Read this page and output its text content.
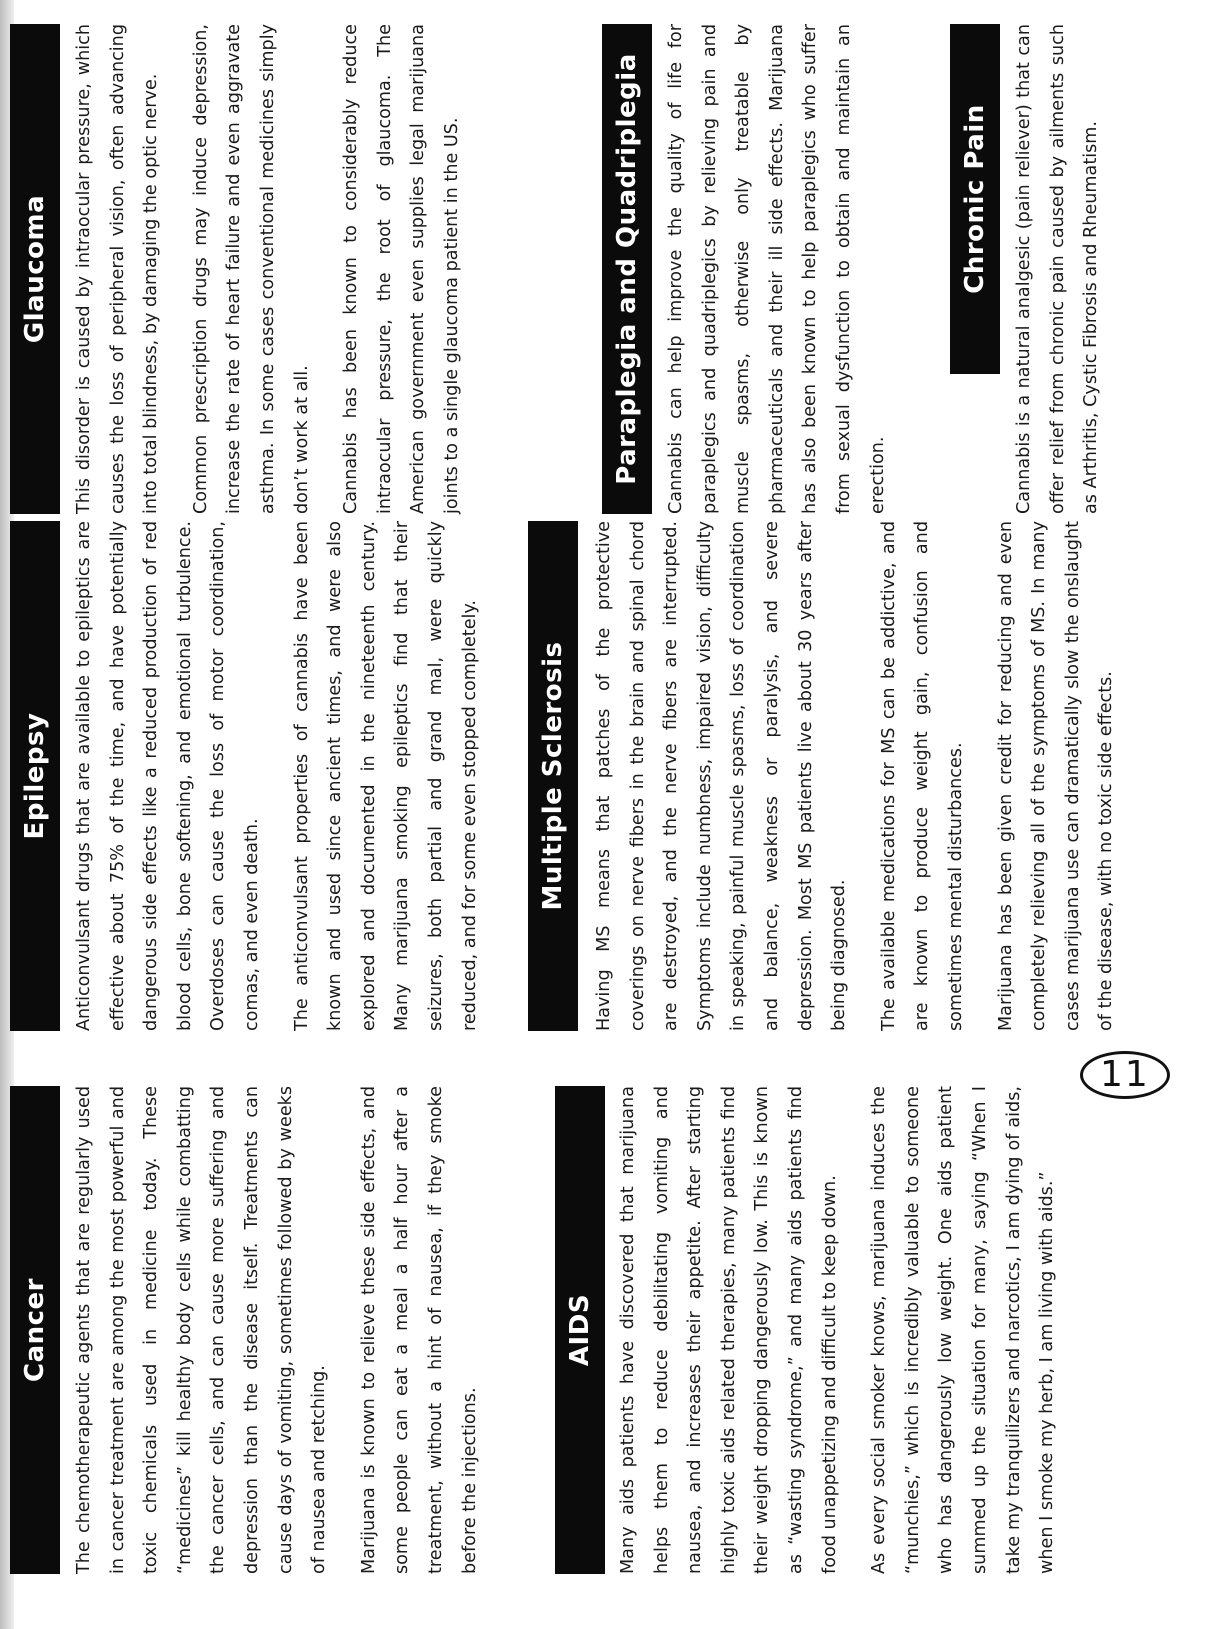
Cancer	The chemotherapeutic agents that are regularly used in cancer treatment are among the most powerful and toxic chemicals used in medicine today. These “medicines” kill healthy body cells while combatting the cancer cells, and can cause more suffering and depression than the disease itself. Treatments can cause days of vomiting, sometimes followed by weeks of nausea and retching.	Marijuana is known to relieve these side effects, and some people can eat a meal a half hour after a treatment, without a hint of nausea, if they smoke before the injections.

AIDS	Many aids patients have discovered that marijuana helps them to reduce debilitating vomiting and nausea, and increases their appetite. After starting highly toxic aids related therapies, many patients find their weight dropping dangerously low. This is known as “wasting syndrome,” and many aids patients find food unappetizing and difficult to keep down.	As every social smoker knows, marijuana induces the “munchies,” which is incredibly valuable to someone who has dangerously low weight. One aids patient summed up the situation for many, saying “When I take my tranquilizers and narcotics, I am dying of aids, when I smoke my herb, I am living with aids.”

Epilepsy	Anticonvulsant drugs that are available to epileptics are effective about 75% of the time, and have potentially dangerous side effects like a reduced production of red blood cells, bone softening, and emotional turbulence. Overdoses can cause the loss of motor coordination, comas, and even death.	The anticonvulsant properties of cannabis have been known and used since ancient times, and were also explored and documented in the nineteenth century. Many marijuana smoking epileptics find that their seizures, both partial and grand mal, were quickly reduced, and for some even stopped completely.	Multiple Sclerosis	Having MS means that patches of the protective coverings on nerve fibers in the brain and spinal chord are destroyed, and the nerve fibers are interrupted. Symptoms include numbness, impaired vision, difficulty in speaking, painful muscle spasms, loss of coordination and balance, weakness or paralysis, and severe depression. Most MS patients live about 30 years after being diagnosed.	The available medications for MS can be addictive, and are known to produce weight gain, confusion and sometimes mental disturbances.	Marijuana has been given credit for reducing and even completely relieving all of the symptoms of MS. In many cases marijuana use can dramatically slow the onslaught of the disease, with no toxic side effects.

Glaucoma	This disorder is caused by intraocular pressure, which causes the loss of peripheral vision, often advancing into total blindness, by damaging the optic nerve.	Common prescription drugs may induce depression, increase the rate of heart failure and even aggravate asthma. In some cases conventional medicines simply don’t work at all.	Cannabis has been known to considerably reduce intraocular pressure, the root of glaucoma. The American government even supplies legal marijuana joints to a single glaucoma patient in the US.	Paraplegia and Quadriplegia	Cannabis can help improve the quality of life for paraplegics and quadriplegics by relieving pain and muscle spasms, otherwise only treatable by pharmaceuticals and their ill side effects. Marijuana has also been known to help paraplegics who suffer from sexual dysfunction to obtain and maintain an erection.

Chronic Pain	Cannabis is a natural analgesic (pain reliever) that can offer relief from chronic pain caused by ailments such as Arthritis, Cystic Fibrosis and Rheumatism.

11
